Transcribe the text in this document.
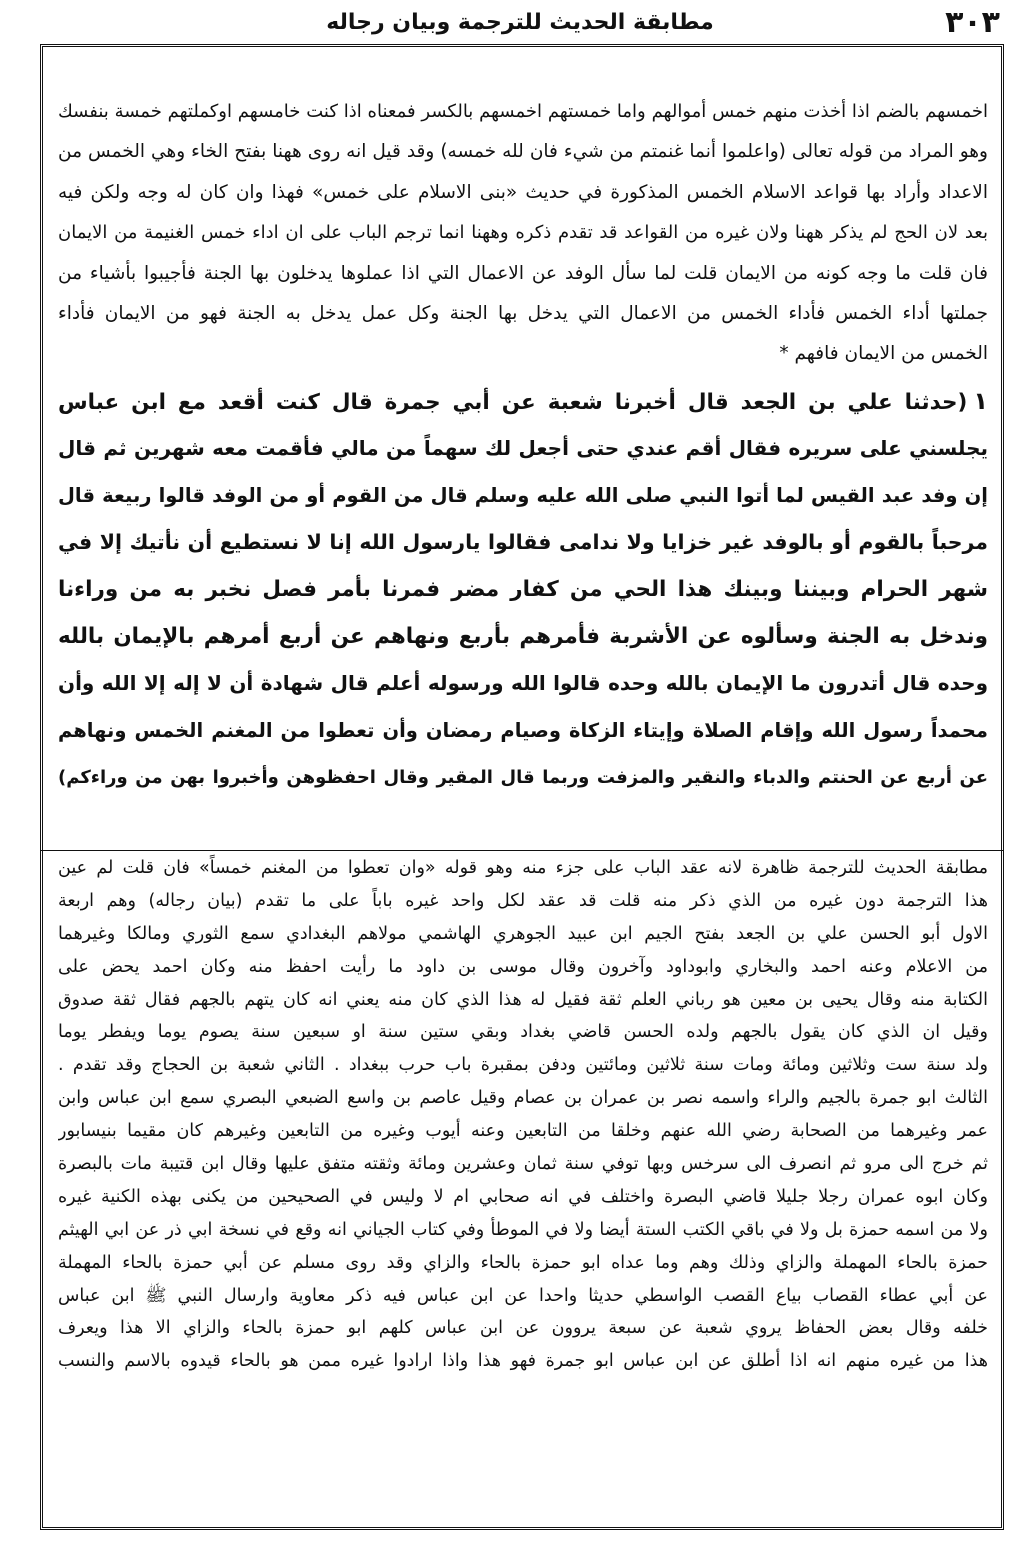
٣٠٣
مطابقة الحديث للترجمة وبيان رجاله
اخمسهم بالضم اذا أخذت منهم خمس أموالهم واما خمستهم اخمسهم بالكسر فمعناه اذا كنت خامسهم اوكملتهم خمسة بنفسك
وهو المراد من قوله تعالى (واعلموا أنما غنمتم من شيء فان لله خمسه) وقد قيل انه روى ههنا بفتح الخاء وهي الخمس من
الاعداد وأراد بها قواعد الاسلام الخمس المذكورة في حديث «بنى الاسلام على خمس» فهذا وان كان له وجه ولكن فيه
بعد لان الحج لم يذكر ههنا ولان غيره من القواعد قد تقدم ذكره وههنا انما ترجم الباب على ان اداء خمس الغنيمة من الايمان
فان قلت ما وجه كونه من الايمان قلت لما سأل الوفد عن الاعمال التي اذا عملوها يدخلون بها الجنة فأجيبوا بأشياء من
جملتها أداء الخمس فأداء الخمس من الاعمال التي يدخل بها الجنة وكل عمل يدخل به الجنة فهو من الايمان فأداء
الخمس من الايمان فافهم *
١(حدثنا علي بن الجعد قال أخبرنا شعبة عن أبي جمرة قال كنت أقعد مع ابن عباس
يجلسني على سريره فقال أقم عندي حتى أجعل لك سهماً من مالي فأقمت معه شهرين ثم قال
إن وفد عبد القيس لما أتوا النبي صلى الله عليه وسلم قال من القوم أو من الوفد قالوا ربيعة قال
مرحباً بالقوم أو بالوفد غير خزايا ولا ندامى فقالوا يارسول الله إنا لا نستطيع أن نأتيك إلا في
شهر الحرام وبيننا وبينك هذا الحي من كفار مضر فمرنا بأمر فصل نخبر به من وراءنا
وندخل به الجنة وسألوه عن الأشربة فأمرهم بأربع ونهاهم عن أربع أمرهم بالإيمان بالله
وحده قال أتدرون ما الإيمان بالله وحده قالوا الله ورسوله أعلم قال شهادة أن لا إله إلا الله وأن
محمداً رسول الله وإقام الصلاة وإيتاء الزكاة وصيام رمضان وأن تعطوا من المغنم الخمس ونهاهم
عن أربع عن الحنتم والدباء والنقير والمزفت وربما قال المقير وقال احفظوهن وأخبروا بهن من وراءكم)
مطابقة الحديث للترجمة ظاهرة لانه عقد الباب على جزء منه وهو قوله «وان تعطوا من المغنم خمساً» فان قلت لم عين
هذا الترجمة دون غيره من الذي ذكر منه قلت قد عقد لكل واحد غيره باباً على ما تقدم (بيان رجاله) وهم اربعة
الاول أبو الحسن علي بن الجعد بفتح الجيم ابن عبيد الجوهري الهاشمي مولاهم البغدادي سمع الثوري ومالكا وغيرهما
من الاعلام وعنه احمد والبخاري وابوداود وآخرون وقال موسى بن داود ما رأيت احفظ منه وكان احمد يحض على
الكتابة منه وقال يحيى بن معين هو رباني العلم ثقة فقيل له هذا الذي كان منه يعني انه كان يتهم بالجهم فقال ثقة صدوق
وقيل ان الذي كان يقول بالجهم ولده الحسن قاضي بغداد وبقي ستين سنة او سبعين سنة يصوم يوما ويفطر يوما
ولد سنة ست وثلاثين ومائة ومات سنة ثلاثين ومائتين ودفن بمقبرة باب حرب ببغداد . الثاني شعبة بن الحجاج وقد تقدم .
الثالث ابو جمرة بالجيم والراء واسمه نصر بن عمران بن عصام وقيل عاصم بن واسع الضبعي البصري سمع ابن عباس وابن
عمر وغيرهما من الصحابة رضي الله عنهم وخلقا من التابعين وعنه أيوب وغيره من التابعين وغيرهم كان مقيما بنيسابور
ثم خرج الى مرو ثم انصرف الى سرخس وبها توفي سنة ثمان وعشرين ومائة وثقته متفق عليها وقال ابن قتيبة مات بالبصرة
وكان ابوه عمران رجلا جليلا قاضي البصرة واختلف في انه صحابي ام لا وليس في الصحيحين من يكنى بهذه الكنية غيره
ولا من اسمه حمزة بل ولا في باقي الكتب الستة أيضا ولا في الموطأ وفي كتاب الجياني انه وقع في نسخة ابي ذر عن ابي الهيثم
حمزة بالحاء المهملة والزاي وذلك وهم وما عداه ابو حمزة بالحاء والزاي وقد روى مسلم عن أبي حمزة بالحاء المهملة
عن أبي عطاء القصاب بياع القصب الواسطي حديثا واحدا عن ابن عباس فيه ذكر معاوية وارسال النبي ﷺ ابن عباس
خلفه وقال بعض الحفاظ يروي شعبة عن سبعة يروون عن ابن عباس كلهم ابو حمزة بالحاء والزاي الا هذا ويعرف
هذا من غيره منهم انه اذا أطلق عن ابن عباس ابو جمرة فهو هذا واذا ارادوا غيره ممن هو بالحاء قيدوه بالاسم والنسب
